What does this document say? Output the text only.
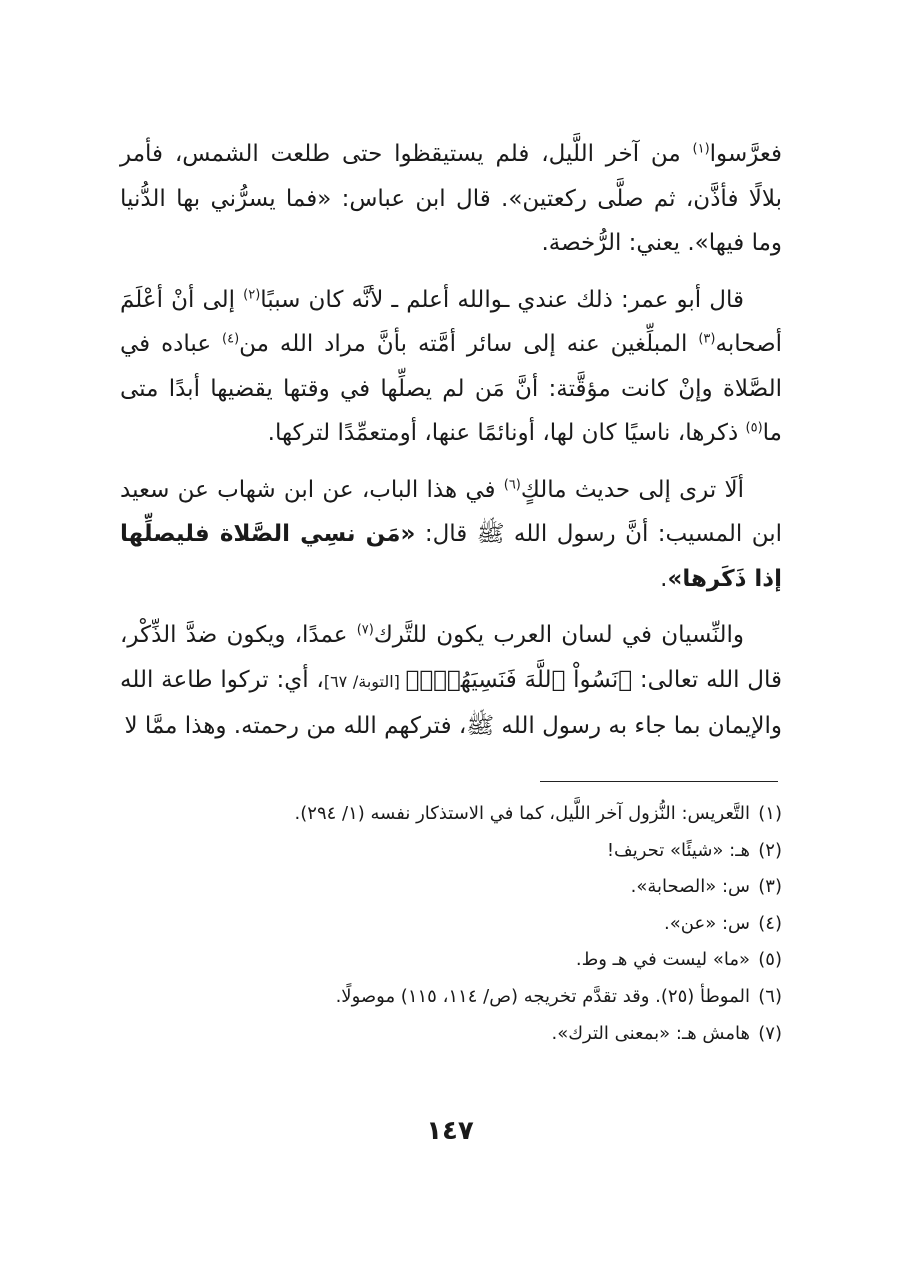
فعرَّسوا$^{(١)}$ من آخر اللَّيل، فلم يستيقظوا حتى طلعت الشمس، فأمر بلالًا فأذَّن، ثم صلَّى ركعتين». قال ابن عباس: «فما يسرُّني بها الدُّنيا وما فيها». يعني: الرُّخصة.

قال أبو عمر: ذلك عندي ـوالله أعلم ـ لأنَّه كان سببًا$^{(٢)}$ إلى أنْ أعْلَمَ أصحابه$^{(٣)}$ المبلِّغين عنه إلى سائر أمَّته بأنَّ مراد الله من$^{(٤)}$ عباده في الصَّلاة وإنْ كانت مؤقَّتة: أنَّ مَن لم يصلِّها في وقتها يقضيها أبدًا متى ما$^{(٥)}$ ذكرها، ناسيًا كان لها، أونائمًا عنها، أومتعمِّدًا لتركها.

ألَا ترى إلى حديث مالكٍ$^{(٦)}$ في هذا الباب، عن ابن شهاب عن سعيد ابن المسيب: أنَّ رسول الله ﷺ قال: «مَن نسِي الصَّلاة فليصلِّها إذا ذَكَرها».

والنِّسيان في لسان العرب يكون للتَّرك$^{(٧)}$ عمدًا، ويكون ضدَّ الذِّكْر، قال الله تعالى: ﴿نَسُواْ ٱللَّهَ فَنَسِيَهُمۡۚ﴾ [التوبة/ ٦٧]، أي: تركوا طاعة الله والإيمان بما جاء به رسول الله ﷺ، فتركهم الله من رحمته. وهذا ممَّا لا

(١)التَّعريس: النُّزول آخر اللَّيل، كما في الاستذكار نفسه (١/ ٢٩٤).
(٢)هـ: «شيئًا» تحريف!
(٣)س: «الصحابة».
(٤)س: «عن».
(٥)«ما» ليست في هـ وط.
(٦)الموطأ (٢٥). وقد تقدَّم تخريجه (ص/ ١١٤، ١١٥) موصولًا.
(٧)هامش هـ: «بمعنى الترك».
١٤٧
